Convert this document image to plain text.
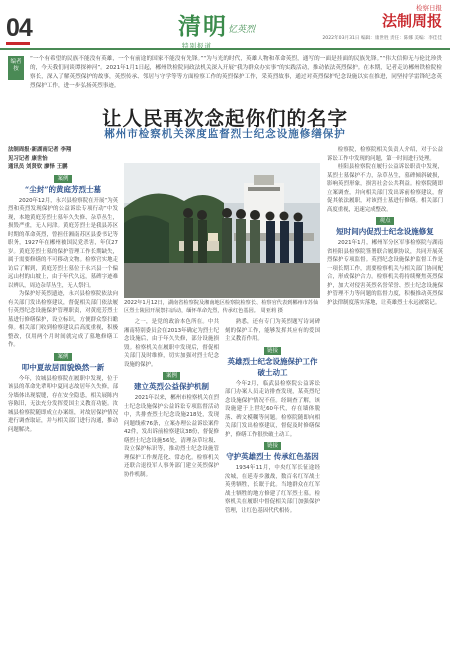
04	清明 忆英烈
特别报道
检察日报
法制周报
2022年03月31日 编辑：康世胜 责任：陈娜 美编：李佳佳
编者按
“一个有希望的民族不能没有英雄，一个有前途的国家不能没有先锋。”“为与光的时代，英雄人物和革命英烈，通写的一面是挂面的民族先锋。”“伟大信仰无与伦比珍贵的，今天我们同谈谭探神河”。2021年1月1日起，郴州铁检院同政法机关深入开展“我为群众办实事”的实践活动，推动依法英烈保护。在本期，记者走访郴州铁检院检察长，深入了解英烈保护的故事，英烈传承、邻居与守学等等方面检察工作的英烈保护工作，采英烈故事，通过对英烈保护纪念设施以实在推进，同坚持学雷锋纪念英烈保护工作，进一步弘扬英烈事迹。
让人民再次念起你们的名字
郴州市检察机关深度监督烈士纪念设施修缮保护
法制周报·新湖南记者 李翔
见习记者 康世怡
通讯员 刘贤钦 廖怿 王鹏
案例
“尘封”的黄庭芳烈士墓

2020年12月，永兴县检察院在开展“为英烈和英烈发现保护的公益诉讼专项行动”中发现，本地黄庭芳烈士墓年久失修、杂草丛生，损毁严重，无人问津。黄庭芳烈士是我县苏区时期的革命英烈，曾担任湘南苏区县委书记等职务，1927年在郴州被国民党杀害，年仅27岁。黄庭芳烈士墓的保护管理工作长期缺失，属于需要修缮的不可移动文物。检察官实地走访后了解到，黄庭芳烈士墓位于永兴县一个偏远山村的山坡上，由于年代久远，墓碑字迹难以辨认，周边杂草丛生，无人祭扫。

为保护好英烈遗迹，永兴县检察院依法向有关部门发出检察建议，督促相关部门依法履行英烈纪念设施保护管理职责，对黄庭芳烈士墓进行修缮保护，设立标识，方便群众祭扫瞻仰。相关部门收到检察建议后高度重视，积极整改，仅用两个月时间就完成了墓地修缮工作。

案例
叩中夏故居面貌焕然一新

今年，汝城县检察院在履职中发现，位于该县的革命先辈叩中夏同志故居年久失修，部分墙体出现裂缝，存在安全隐患，相关展陈内容陈旧，无法充分发挥爱国主义教育功能。汝城县检察院随即成立办案组，对故居保护情况进行调查取证，并与相关部门进行沟通，推动问题解决。

2022年1月12日，湖南省检察院及湘南地区检察院检察长、检察官代表到郴州市苏仙区烈士陵园开展祭扫活动，缅怀革命先烈，传承红色基因。 周亚莉 摄

之一，是党的政治本色所在。中共湘南特别委员会在2013年确定为烈士纪念设施后，由于年久失修，部分设施损毁。检察机关在履职中发现后，督促相关部门及时维修，切实加强对烈士纪念设施的保护。

案例
建立英烈公益保护机制

2021年以来，郴州市检察机关在烈士纪念设施保护公益诉讼专项监督活动中，共排查烈士纪念设施218处，发现问题线索76条，立案办理公益诉讼案件42件，发出诉前检察建议38份，督促修缮烈士纪念设施56处，清理杂草垃圾、设立保护标识等，推动烈士纪念设施管理保护工作规范化、常态化。检察机关还联合退役军人事务部门建立英烈保护协作机制。

熟悉，还有专门为英烈题写诗词碑刻的保护工作，能够发挥其应有的爱国主义教育作用。

链接
英雄烈士纪念设施保护工作破土动工

今年2月，临武县检察院公益诉讼部门办案人员走访排查发现，某英烈纪念设施保护情况不佳。经调查了解，该设施建于上世纪60年代，存在墙体脱落、碑文模糊等问题。检察院随即向相关部门发出检察建议，督促及时修缮保护，修缮工作很快破土动工。

链接
守护英雄烈士 传承红色基因

1934年11月，中央红军长征途经汝城，在延寿乡激战，数百名红军战士英勇牺牲，长眠于此。当地群众在红军战士牺牲的地方修建了红军烈士墓。检察机关在履职中督促相关部门加强保护管理，让红色基因代代相传。

检察院，检察院相关负责人介绍，对于公益诉讼工作中发现的问题，第一时间进行处理。

桂阳县检察院在履行公益诉讼职责中发现，某烈士墓保护不力，杂草丛生，墓碑倾斜破损，影响英烈形象，损害社会公共利益。检察院随即立案调查，并向相关部门发出诉前检察建议，督促其依法履职，对该烈士墓进行修缮。相关部门高度重视，迅速完成整改。

观点
短时间内促烈士纪念设施修复

2021年1月，郴州军分区军事检察院与湖南省桂阳县检察院签署联合履职协议，共同开展英烈保护专项监督。英烈纪念设施保护监督工作是一项长期工作，需要检察机关与相关部门协同配合，形成保护合力。检察机关将持续聚焦英烈保护，加大对侵害英烈名誉荣誉、烈士纪念设施保护管理不力等问题的监督力度，积极推动英烈保护法律制度落实落地，让英雄烈士永远被铭记。
